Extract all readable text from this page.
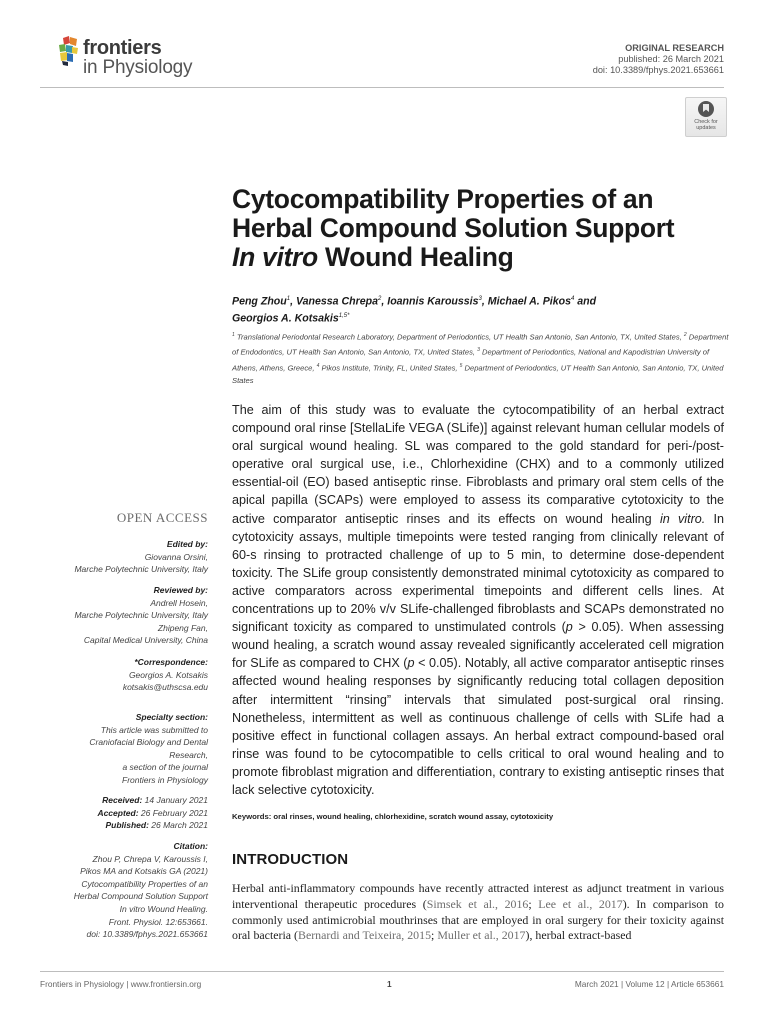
frontiers
in Physiology
ORIGINAL RESEARCH
published: 26 March 2021
doi: 10.3389/fphys.2021.653661
Check for
updates
Cytocompatibility Properties of an
Herbal Compound Solution Support
In vitro Wound Healing
Peng Zhou$^1$, Vanessa Chrepa$^2$, Ioannis Karoussis$^3$, Michael A. Pikos$^4$ and
Georgios A. Kotsakis$^{1,5*}$
$^1$ Translational Periodontal Research Laboratory, Department of Periodontics, UT Health San Antonio, San Antonio, TX, United States, $^2$ Department of Endodontics, UT Health San Antonio, San Antonio, TX, United States, $^3$ Department of Periodontics, National and Kapodistrian University of Athens, Athens, Greece, $^4$ Pikos Institute, Trinity, FL, United States, $^5$ Department of Periodontics, UT Health San Antonio, San Antonio, TX, United States
The aim of this study was to evaluate the cytocompatibility of an herbal extract compound oral rinse [StellaLife VEGA (SLife)] against relevant human cellular models of oral surgical wound healing. SL was compared to the gold standard for peri-/post-operative oral surgical use, i.e., Chlorhexidine (CHX) and to a commonly utilized essential-oil (EO) based antiseptic rinse. Fibroblasts and primary oral stem cells of the apical papilla (SCAPs) were employed to assess its comparative cytotoxicity to the active comparator antiseptic rinses and its effects on wound healing in vitro. In cytotoxicity assays, multiple timepoints were tested ranging from clinically relevant of 60-s rinsing to protracted challenge of up to 5 min, to determine dose-dependent toxicity. The SLife group consistently demonstrated minimal cytotoxicity as compared to active comparators across experimental timepoints and different cells lines. At concentrations up to 20% v/v SLife-challenged fibroblasts and SCAPs demonstrated no significant toxicity as compared to unstimulated controls (p > 0.05). When assessing wound healing, a scratch wound assay revealed significantly accelerated cell migration for SLife as compared to CHX (p < 0.05). Notably, all active comparator antiseptic rinses affected wound healing responses by significantly reducing total collagen deposition after intermittent “rinsing” intervals that simulated post-surgical oral rinsing. Nonetheless, intermittent as well as continuous challenge of cells with SLife had a positive effect in functional collagen assays. An herbal extract compound-based oral rinse was found to be cytocompatible to cells critical to oral wound healing and to promote fibroblast migration and differentiation, contrary to existing antiseptic rinses that lack selective cytotoxicity.
Keywords: oral rinses, wound healing, chlorhexidine, scratch wound assay, cytotoxicity
OPEN ACCESS
Edited by:
Giovanna Orsini,
Marche Polytechnic University, Italy
Reviewed by:
Andrell Hosein,
Marche Polytechnic University, Italy
Zhipeng Fan,
Capital Medical University, China
*Correspondence:
Georgios A. Kotsakis
kotsakis@uthscsa.edu
Specialty section:
This article was submitted to
Craniofacial Biology and Dental
Research,
a section of the journal
Frontiers in Physiology
Received: 14 January 2021
Accepted: 26 February 2021
Published: 26 March 2021
Citation:
Zhou P, Chrepa V, Karoussis I,
Pikos MA and Kotsakis GA (2021)
Cytocompatibility Properties of an
Herbal Compound Solution Support
In vitro Wound Healing.
Front. Physiol. 12:653661.
doi: 10.3389/fphys.2021.653661
INTRODUCTION
Herbal anti-inflammatory compounds have recently attracted interest as adjunct treatment in various interventional therapeutic procedures (Simsek et al., 2016; Lee et al., 2017). In comparison to commonly used antimicrobial mouthrinses that are employed in oral surgery for their toxicity against oral bacteria (Bernardi and Teixeira, 2015; Muller et al., 2017), herbal extract-based
Frontiers in Physiology | www.frontiersin.org	1	March 2021 | Volume 12 | Article 653661
